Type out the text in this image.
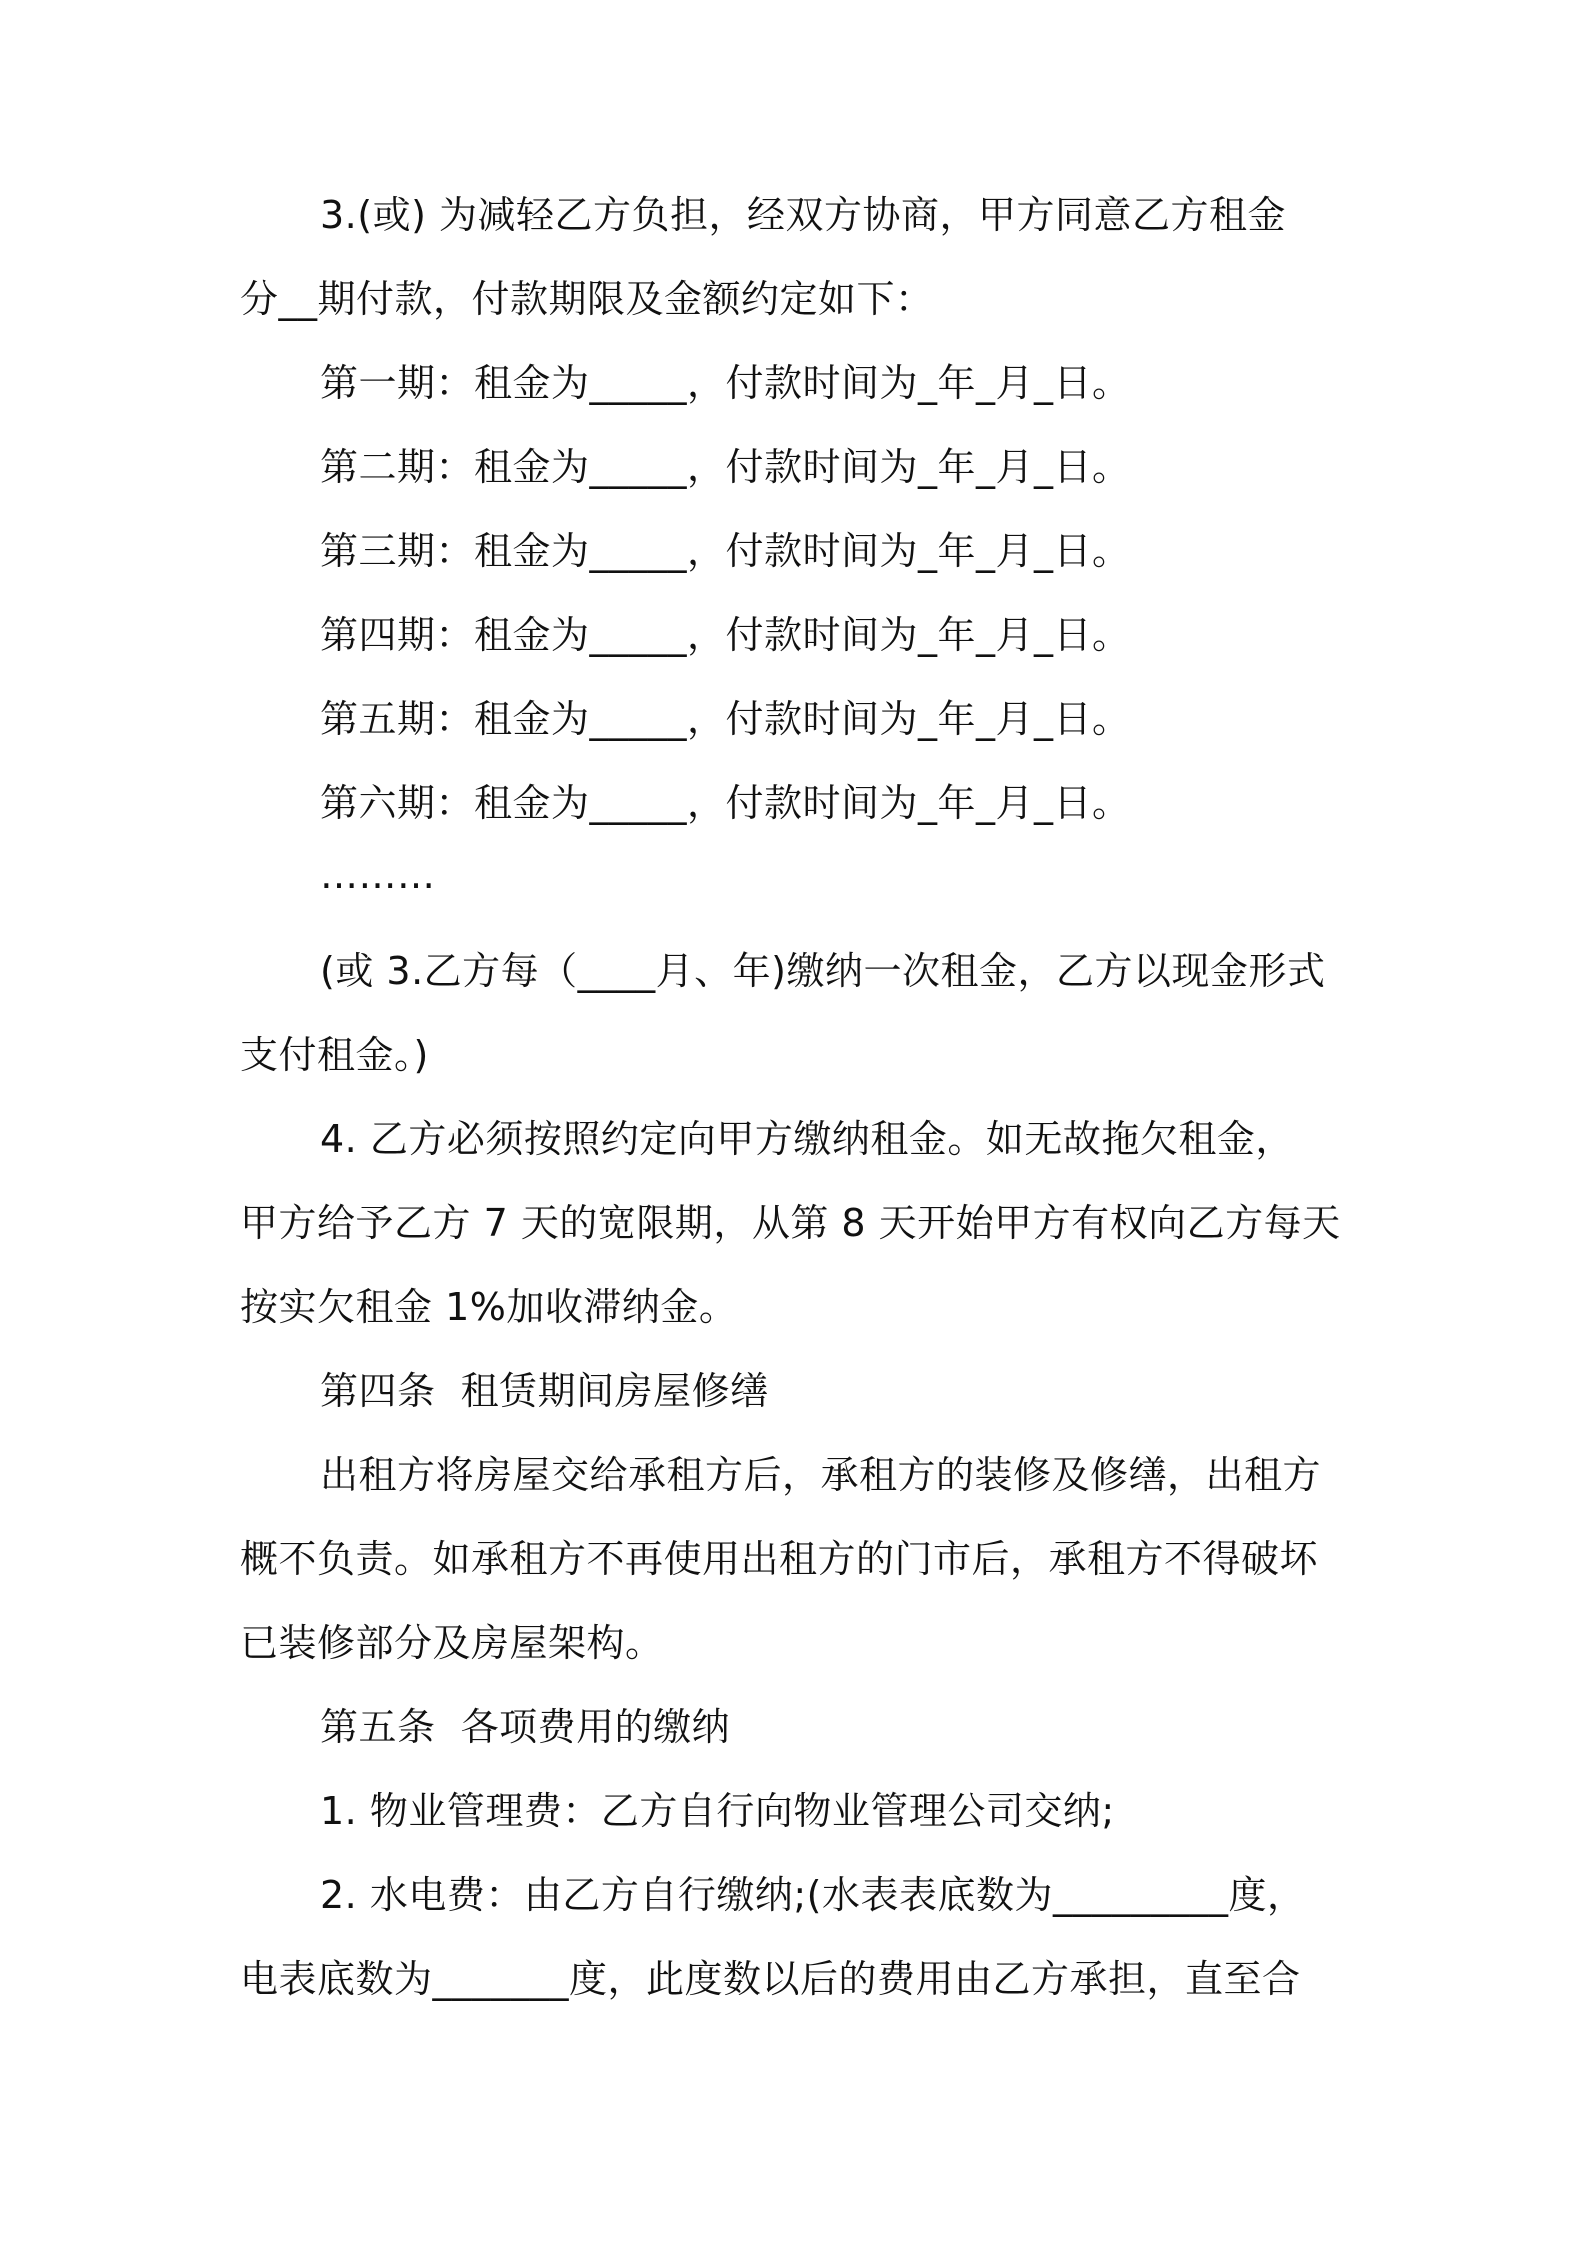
3.(或) 为减轻乙方负担，经双方协商，甲方同意乙方租金
分__期付款，付款期限及金额约定如下：
第一期：租金为_____，付款时间为_年_月_日。
第二期：租金为_____，付款时间为_年_月_日。
第三期：租金为_____，付款时间为_年_月_日。
第四期：租金为_____，付款时间为_年_月_日。
第五期：租金为_____，付款时间为_年_月_日。
第六期：租金为_____，付款时间为_年_月_日。
………
(或 3.乙方每（____月、年)缴纳一次租金，乙方以现金形式
支付租金。)
4. 乙方必须按照约定向甲方缴纳租金。如无故拖欠租金，
甲方给予乙方 7 天的宽限期，从第 8 天开始甲方有权向乙方每天
按实欠租金 1%加收滞纳金。
第四条  租赁期间房屋修缮
出租方将房屋交给承租方后，承租方的装修及修缮，出租方
概不负责。如承租方不再使用出租方的门市后，承租方不得破坏
已装修部分及房屋架构。
第五条  各项费用的缴纳
1. 物业管理费：乙方自行向物业管理公司交纳;
2. 水电费：由乙方自行缴纳;(水表表底数为_________度，
电表底数为_______度，此度数以后的费用由乙方承担，直至合
